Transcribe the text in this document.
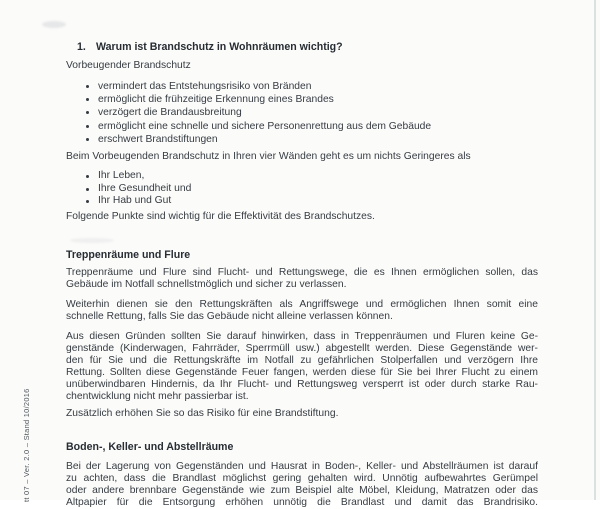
tt 07 – Ver. 2.0 – Stand 10/2016
1. Warum ist Brandschutz in Wohnräumen wichtig?
Vorbeugender Brandschutz
vermindert das Entstehungsrisiko von Bränden
ermöglicht die frühzeitige Erkennung eines Brandes
verzögert die Brandausbreitung
ermöglicht eine schnelle und sichere Personenrettung aus dem Gebäude
erschwert Brandstiftungen
Beim Vorbeugenden Brandschutz in Ihren vier Wänden geht es um nichts Geringeres als
Ihr Leben,
Ihre Gesundheit und
Ihr Hab und Gut
Folgende Punkte sind wichtig für die Effektivität des Brandschutzes.
Treppenräume und Flure
Treppenräume und Flure sind Flucht- und Rettungswege, die es Ihnen ermöglichen sollen, das
Gebäude im Notfall schnellstmöglich und sicher zu verlassen.
Weiterhin dienen sie den Rettungskräften als Angriffswege und ermöglichen Ihnen somit eine
schnelle Rettung, falls Sie das Gebäude nicht alleine verlassen können.
Aus diesen Gründen sollten Sie darauf hinwirken, dass in Treppenräumen und Fluren keine Ge-
genstände (Kinderwagen, Fahrräder, Sperrmüll usw.) abgestellt werden. Diese Gegenstände wer-
den für Sie und die Rettungskräfte im Notfall zu gefährlichen Stolperfallen und verzögern Ihre
Rettung. Sollten diese Gegenstände Feuer fangen, werden diese für Sie bei Ihrer Flucht zu einem
unüberwindbaren Hindernis, da Ihr Flucht- und Rettungsweg versperrt ist oder durch starke Rau-
chentwicklung nicht mehr passierbar ist.
Zusätzlich erhöhen Sie so das Risiko für eine Brandstiftung.
Boden-, Keller- und Abstellräume
Bei der Lagerung von Gegenständen und Hausrat in Boden-, Keller- und Abstellräumen ist darauf
zu achten, dass die Brandlast möglichst gering gehalten wird. Unnötig aufbewahrtes Gerümpel
oder andere brennbare Gegenstände wie zum Beispiel alte Möbel, Kleidung, Matratzen oder das
Altpapier für die Entsorgung erhöhen unnötig die Brandlast und damit das Brandrisiko.
